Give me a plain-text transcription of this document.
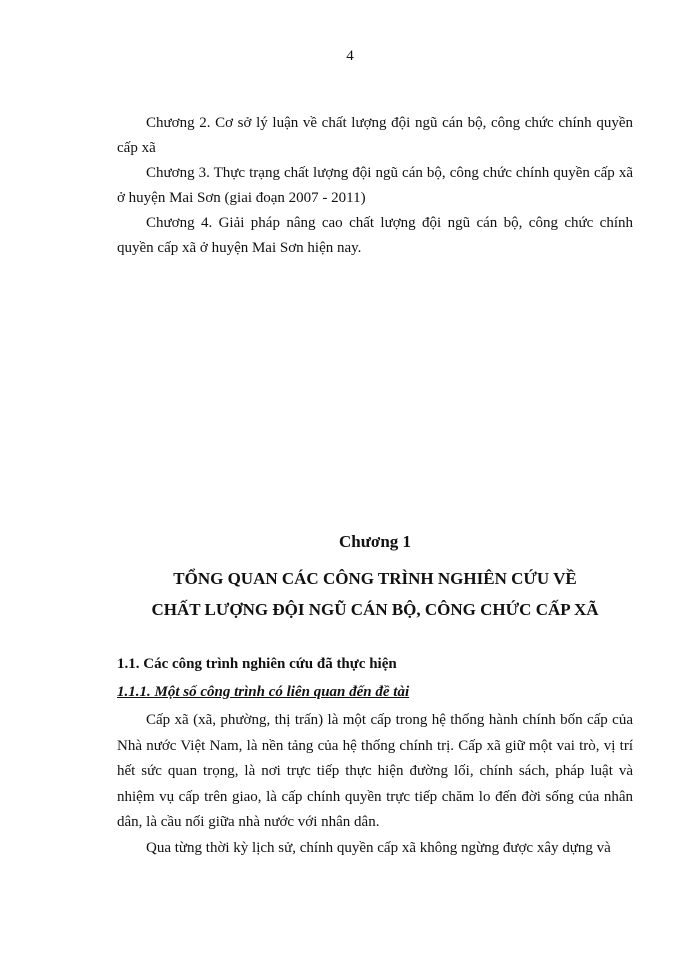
4

Chương 2. Cơ sở lý luận về chất lượng đội ngũ cán bộ, công chức chính quyền cấp xã

Chương 3. Thực trạng chất lượng đội ngũ cán bộ, công chức chính quyền cấp xã ở huyện Mai Sơn (giai đoạn 2007 - 2011)

Chương 4. Giải pháp nâng cao chất lượng đội ngũ cán bộ, công chức chính quyền cấp xã ở huyện Mai Sơn hiện nay.

Chương 1
TỔNG QUAN CÁC CÔNG TRÌNH NGHIÊN CỨU VỀ
CHẤT LƯỢNG ĐỘI NGŨ CÁN BỘ, CÔNG CHỨC CẤP XÃ
1.1. Các công trình nghiên cứu đã thực hiện
1.1.1. Một số công trình có liên quan đến đề tài

Cấp xã (xã, phường, thị trấn) là một cấp trong hệ thống hành chính bốn cấp của Nhà nước Việt Nam, là nền tảng của hệ thống chính trị. Cấp xã giữ một vai trò, vị trí hết sức quan trọng, là nơi trực tiếp thực hiện đường lối, chính sách, pháp luật và nhiệm vụ cấp trên giao, là cấp chính quyền trực tiếp chăm lo đến đời sống của nhân dân, là cầu nối giữa nhà nước với nhân dân.

Qua từng thời kỳ lịch sử, chính quyền cấp xã không ngừng được xây dựng và
